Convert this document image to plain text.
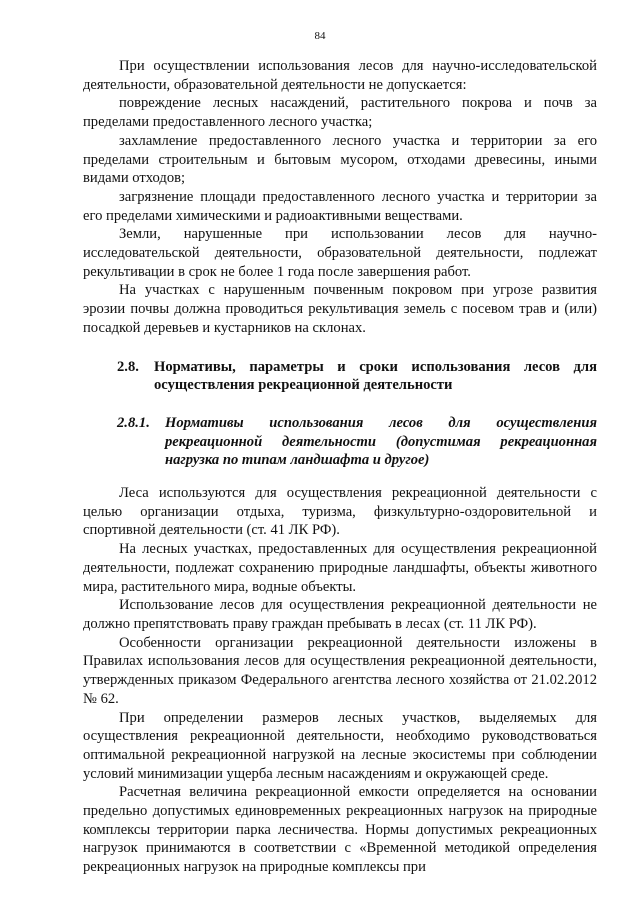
84

При осуществлении использования лесов для научно-исследовательской деятельности, образовательной деятельности не допускается:

повреждение лесных насаждений, растительного покрова и почв за пределами предоставленного лесного участка;

захламление предоставленного лесного участка и территории за его пределами строительным и бытовым мусором, отходами древесины, иными видами отходов;

загрязнение площади предоставленного лесного участка и территории за его пределами химическими и радиоактивными веществами.

Земли, нарушенные при использовании лесов для научно-исследовательской деятельности, образовательной деятельности, подлежат рекультивации в срок не более 1 года после завершения работ.

На участках с нарушенным почвенным покровом при угрозе развития эрозии почвы должна проводиться рекультивация земель с посевом трав и (или) посадкой деревьев и кустарников на склонах.

2.8.	Нормативы, параметры и сроки использования лесов для осуществления рекреационной деятельности
2.8.1.	Нормативы использования лесов для осуществления рекреационной деятельности (допустимая рекреационная нагрузка по типам ландшафта и другое)

Леса используются для осуществления рекреационной деятельности с целью организации отдыха, туризма, физкультурно-оздоровительной и спортивной деятельности (ст. 41 ЛК РФ).

На лесных участках, предоставленных для осуществления рекреационной деятельности, подлежат сохранению природные ландшафты, объекты животного мира, растительного мира, водные объекты.

Использование лесов для осуществления рекреационной деятельности не должно препятствовать праву граждан пребывать в лесах (ст. 11 ЛК РФ).

Особенности организации рекреационной деятельности изложены в Правилах использования лесов для осуществления рекреационной деятельности, утвержденных приказом Федерального агентства лесного хозяйства от 21.02.2012 № 62.

При определении размеров лесных участков, выделяемых для осуществления рекреационной деятельности, необходимо руководствоваться оптимальной рекреационной нагрузкой на лесные экосистемы при соблюдении условий минимизации ущерба лесным насаждениям и окружающей среде.

Расчетная величина рекреационной емкости определяется на основании предельно допустимых единовременных рекреационных нагрузок на природные комплексы территории парка лесничества. Нормы допустимых рекреационных нагрузок принимаются в соответствии с «Временной методикой определения рекреационных нагрузок на природные комплексы при
